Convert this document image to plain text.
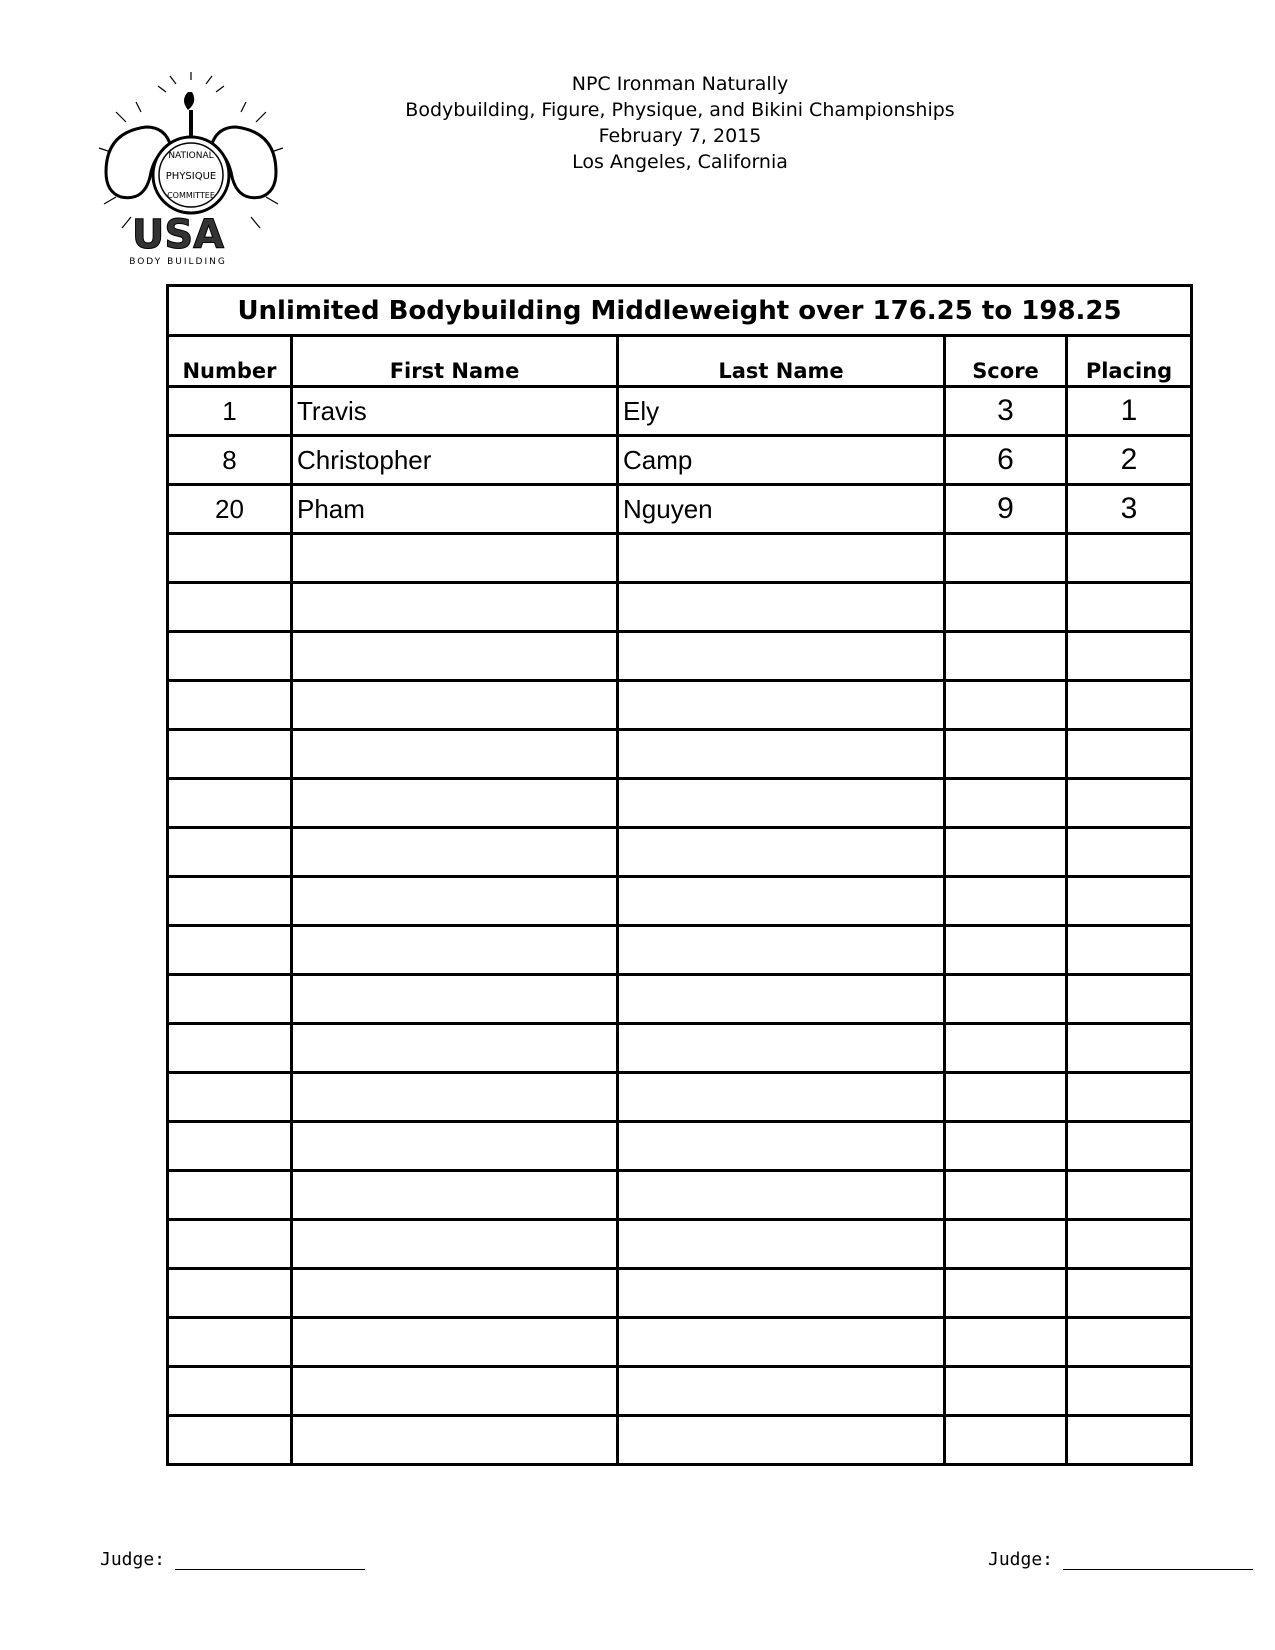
NATIONAL
PHYSIQUE
COMMITTEE
USA
BODY BUILDING
NPC Ironman Naturally
Bodybuilding, Figure, Physique, and Bikini Championships
February 7, 2015
Los Angeles, California
Unlimited Bodybuilding Middleweight over 176.25 to 198.25				
Number	First Name	Last Name	Score	Placing
1	Travis	Ely	3	1
8	Christopher	Camp	6	2
20	Pham	Nguyen	9	3

Judge:	Judge:
